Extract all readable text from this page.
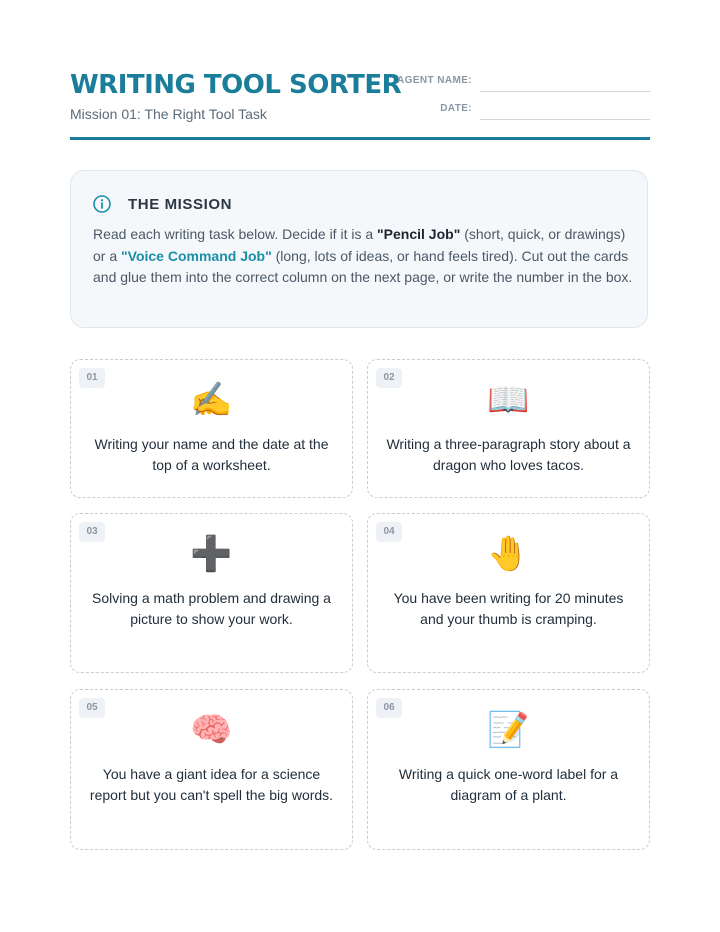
WRITING TOOL SORTER
Mission 01: The Right Tool Task
AGENT NAME:
DATE:
THE MISSION
Read each writing task below. Decide if it is a "Pencil Job" (short, quick, or drawings) or a "Voice Command Job" (long, lots of ideas, or hand feels tired). Cut out the cards and glue them into the correct column on the next page, or write the number in the box.
01
✍️
Writing your name and the date at the top of a worksheet.
02
📖
Writing a three-paragraph story about a dragon who loves tacos.
03
➕
Solving a math problem and drawing a picture to show your work.
04
🤚
You have been writing for 20 minutes and your thumb is cramping.
05
🧠
You have a giant idea for a science report but you can't spell the big words.
06
📝
Writing a quick one-word label for a diagram of a plant.
